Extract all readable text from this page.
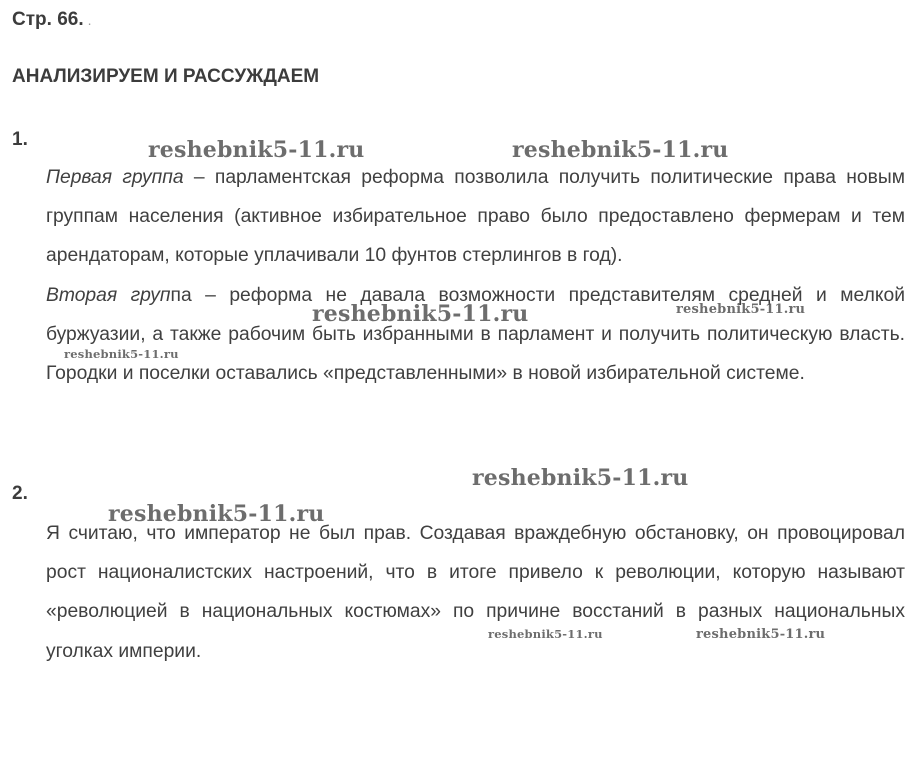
Стр. 66. .
АНАЛИЗИРУЕМ И РАССУЖДАЕМ
1.

Первая группа – парламентская реформа позволила получить политические права новым группам населения (активное избирательное право было предоставлено фермерам и тем арендаторам, которые уплачивали 10 фунтов стерлингов в год).
Вторая группа – реформа не давала возможности представителям средней и мелкой буржуазии, а также рабочим быть избранными в парламент и получить политическую власть. Городки и поселки оставались «представленными» в новой избирательной системе.

2.

Я считаю, что император не был прав. Создавая враждебную обстановку, он провоцировал рост националистских настроений, что в итоге привело к революции, которую называют «революцией в национальных костюмах» по причине восстаний в разных национальных уголках империи.

reshebnik5-11.ru	reshebnik5-11.ru
reshebnik5-11.ru	reshebnik5-11.ru
reshebnik5-11.ru
reshebnik5-11.ru
reshebnik5-11.ru
reshebnik5-11.ru	reshebnik5-11.ru
